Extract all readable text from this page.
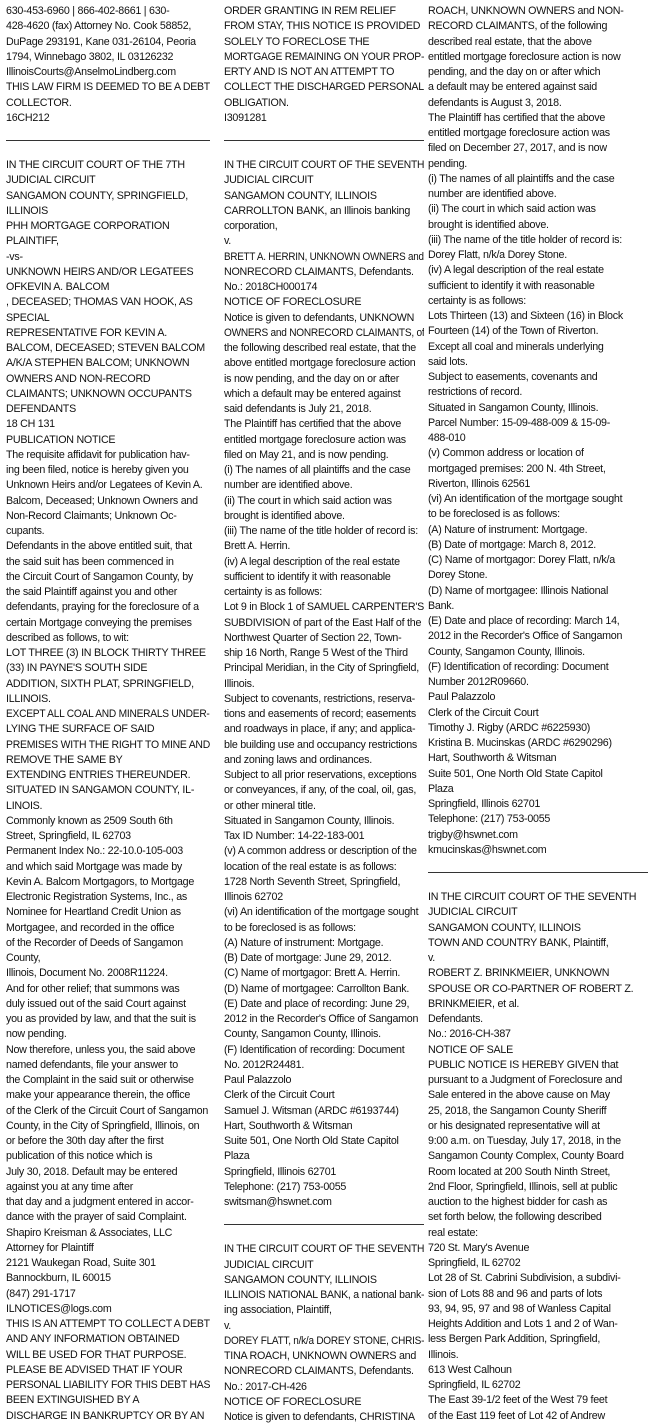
630-453-6960 | 866-402-8661 | 630-
428-4620 (fax) Attorney No. Cook 58852,
DuPage 293191, Kane 031-26104, Peoria
1794, Winnebago 3802, IL 03126232
IllinoisCourts@AnselmoLindberg.com
THIS LAW FIRM IS DEEMED TO BE A DEBT
COLLECTOR.
16CH212
IN THE CIRCUIT COURT OF THE 7TH
JUDICIAL CIRCUIT
SANGAMON COUNTY, SPRINGFIELD,
ILLINOIS
PHH MORTGAGE CORPORATION
PLAINTIFF,
-vs-
UNKNOWN HEIRS AND/OR LEGATEES
OFKEVIN A. BALCOM
, DECEASED; THOMAS VAN HOOK, AS
SPECIAL
REPRESENTATIVE FOR KEVIN A.
BALCOM, DECEASED; STEVEN BALCOM
A/K/A STEPHEN BALCOM; UNKNOWN
OWNERS AND NON-RECORD
CLAIMANTS; UNKNOWN OCCUPANTS
DEFENDANTS
18 CH 131
PUBLICATION NOTICE
The requisite affidavit for publication hav-
ing been filed, notice is hereby given you
Unknown Heirs and/or Legatees of Kevin A.
Balcom, Deceased; Unknown Owners and
Non-Record Claimants; Unknown Oc-
cupants.
Defendants in the above entitled suit, that
the said suit has been commenced in
the Circuit Court of Sangamon County, by
the said Plaintiff against you and other
defendants, praying for the foreclosure of a
certain Mortgage conveying the premises
described as follows, to wit:
LOT THREE (3) IN BLOCK THIRTY THREE
(33) IN PAYNE'S SOUTH SIDE
ADDITION, SIXTH PLAT, SPRINGFIELD,
ILLINOIS.
EXCEPT ALL COAL AND MINERALS UNDER-
LYING THE SURFACE OF SAID
PREMISES WITH THE RIGHT TO MINE AND
REMOVE THE SAME BY
EXTENDING ENTRIES THEREUNDER.
SITUATED IN SANGAMON COUNTY, IL-
LINOIS.
Commonly known as 2509 South 6th
Street, Springfield, IL 62703
Permanent Index No.: 22-10.0-105-003
and which said Mortgage was made by
Kevin A. Balcom Mortgagors, to Mortgage
Electronic Registration Systems, Inc., as
Nominee for Heartland Credit Union as
Mortgagee, and recorded in the office
of the Recorder of Deeds of Sangamon
County,
Illinois, Document No. 2008R11224.
And for other relief; that summons was
duly issued out of the said Court against
you as provided by law, and that the suit is
now pending.
Now therefore, unless you, the said above
named defendants, file your answer to
the Complaint in the said suit or otherwise
make your appearance therein, the office
of the Clerk of the Circuit Court of Sangamon
County, in the City of Springfield, Illinois, on
or before the 30th day after the first
publication of this notice which is
July 30, 2018. Default may be entered
against you at any time after
that day and a judgment entered in accor-
dance with the prayer of said Complaint.
Shapiro Kreisman & Associates, LLC
Attorney for Plaintiff
2121 Waukegan Road, Suite 301
Bannockburn, IL 60015
(847) 291-1717
ILNOTICES@logs.com
THIS IS AN ATTEMPT TO COLLECT A DEBT
AND ANY INFORMATION OBTAINED
WILL BE USED FOR THAT PURPOSE.
PLEASE BE ADVISED THAT IF YOUR
PERSONAL LIABILITY FOR THIS DEBT HAS
BEEN EXTINGUISHED BY A
DISCHARGE IN BANKRUPTCY OR BY AN
ORDER GRANTING IN REM RELIEF
FROM STAY, THIS NOTICE IS PROVIDED
SOLELY TO FORECLOSE THE
MORTGAGE REMAINING ON YOUR PROP-
ERTY AND IS NOT AN ATTEMPT TO
COLLECT THE DISCHARGED PERSONAL
OBLIGATION.
I3091281
IN THE CIRCUIT COURT OF THE SEVENTH
JUDICIAL CIRCUIT
SANGAMON COUNTY, ILLINOIS
CARROLLTON BANK, an Illinois banking
corporation,
v.
BRETT A. HERRIN, UNKNOWN OWNERS and
NONRECORD CLAIMANTS, Defendants.
No.: 2018CH000174
NOTICE OF FORECLOSURE
Notice is given to defendants, UNKNOWN
OWNERS and NONRECORD CLAIMANTS, of
the following described real estate, that the
above entitled mortgage foreclosure action
is now pending, and the day on or after
which a default may be entered against
said defendants is July 21, 2018.
The Plaintiff has certified that the above
entitled mortgage foreclosure action was
filed on May 21, and is now pending.
(i) The names of all plaintiffs and the case
number are identified above.
(ii) The court in which said action was
brought is identified above.
(iii) The name of the title holder of record is:
Brett A. Herrin.
(iv) A legal description of the real estate
sufficient to identify it with reasonable
certainty is as follows:
Lot 9 in Block 1 of SAMUEL CARPENTER'S
SUBDIVISION of part of the East Half of the
Northwest Quarter of Section 22, Town-
ship 16 North, Range 5 West of the Third
Principal Meridian, in the City of Springfield,
Illinois.
Subject to covenants, restrictions, reserva-
tions and easements of record; easements
and roadways in place, if any; and applica-
ble building use and occupancy restrictions
and zoning laws and ordinances.
Subject to all prior reservations, exceptions
or conveyances, if any, of the coal, oil, gas,
or other mineral title.
Situated in Sangamon County, Illinois.
Tax ID Number: 14-22-183-001
(v) A common address or description of the
location of the real estate is as follows:
1728 North Seventh Street, Springfield,
Illinois 62702
(vi) An identification of the mortgage sought
to be foreclosed is as follows:
(A) Nature of instrument: Mortgage.
(B) Date of mortgage: June 29, 2012.
(C) Name of mortgagor: Brett A. Herrin.
(D) Name of mortgagee: Carrollton Bank.
(E) Date and place of recording: June 29,
2012 in the Recorder's Office of Sangamon
County, Sangamon County, Illinois.
(F) Identification of recording: Document
No. 2012R24481.
Paul Palazzolo
Clerk of the Circuit Court
Samuel J. Witsman (ARDC #6193744)
Hart, Southworth & Witsman
Suite 501, One North Old State Capitol
Plaza
Springfield, Illinois 62701
Telephone: (217) 753-0055
switsman@hswnet.com
IN THE CIRCUIT COURT OF THE SEVENTH
JUDICIAL CIRCUIT
SANGAMON COUNTY, ILLINOIS
ILLINOIS NATIONAL BANK, a national bank-
ing association, Plaintiff,
v.
DOREY FLATT, n/k/a DOREY STONE, CHRIS-
TINA ROACH, UNKNOWN OWNERS and
NONRECORD CLAIMANTS, Defendants.
No.: 2017-CH-426
NOTICE OF FORECLOSURE
Notice is given to defendants, CHRISTINA
ROACH, UNKNOWN OWNERS and NON-
RECORD CLAIMANTS, of the following
described real estate, that the above
entitled mortgage foreclosure action is now
pending, and the day on or after which
a default may be entered against said
defendants is August 3, 2018.
The Plaintiff has certified that the above
entitled mortgage foreclosure action was
filed on December 27, 2017, and is now
pending.
(i) The names of all plaintiffs and the case
number are identified above.
(ii) The court in which said action was
brought is identified above.
(iii) The name of the title holder of record is:
Dorey Flatt, n/k/a Dorey Stone.
(iv) A legal description of the real estate
sufficient to identify it with reasonable
certainty is as follows:
Lots Thirteen (13) and Sixteen (16) in Block
Fourteen (14) of the Town of Riverton.
Except all coal and minerals underlying
said lots.
Subject to easements, covenants and
restrictions of record.
Situated in Sangamon County, Illinois.
Parcel Number: 15-09-488-009 & 15-09-
488-010
(v) Common address or location of
mortgaged premises: 200 N. 4th Street,
Riverton, Illinois 62561
(vi) An identification of the mortgage sought
to be foreclosed is as follows:
(A) Nature of instrument: Mortgage.
(B) Date of mortgage: March 8, 2012.
(C) Name of mortgagor: Dorey Flatt, n/k/a
Dorey Stone.
(D) Name of mortgagee: Illinois National
Bank.
(E) Date and place of recording: March 14,
2012 in the Recorder's Office of Sangamon
County, Sangamon County, Illinois.
(F) Identification of recording: Document
Number 2012R09660.
Paul Palazzolo
Clerk of the Circuit Court
Timothy J. Rigby (ARDC #6225930)
Kristina B. Mucinskas (ARDC #6290296)
Hart, Southworth & Witsman
Suite 501, One North Old State Capitol
Plaza
Springfield, Illinois 62701
Telephone: (217) 753-0055
trigby@hswnet.com
kmucinskas@hswnet.com
IN THE CIRCUIT COURT OF THE SEVENTH
JUDICIAL CIRCUIT
SANGAMON COUNTY, ILLINOIS
TOWN AND COUNTRY BANK, Plaintiff,
v.
ROBERT Z. BRINKMEIER, UNKNOWN
SPOUSE OR CO-PARTNER OF ROBERT Z.
BRINKMEIER, et al.
Defendants.
No.: 2016-CH-387
NOTICE OF SALE
PUBLIC NOTICE IS HEREBY GIVEN that
pursuant to a Judgment of Foreclosure and
Sale entered in the above cause on May
25, 2018, the Sangamon County Sheriff
or his designated representative will at
9:00 a.m. on Tuesday, July 17, 2018, in the
Sangamon County Complex, County Board
Room located at 200 South Ninth Street,
2nd Floor, Springfield, Illinois, sell at public
auction to the highest bidder for cash as
set forth below, the following described
real estate:
720 St. Mary's Avenue
Springfield, IL 62702
Lot 28 of St. Cabrini Subdivision, a subdivi-
sion of Lots 88 and 96 and parts of lots
93, 94, 95, 97 and 98 of Wanless Capital
Heights Addition and Lots 1 and 2 of Wan-
less Bergen Park Addition, Springfield,
Illinois.
613 West Calhoun
Springfield, IL 62702
The East 39-1/2 feet of the West 79 feet
of the East 119 feet of Lot 42 of Andrew
